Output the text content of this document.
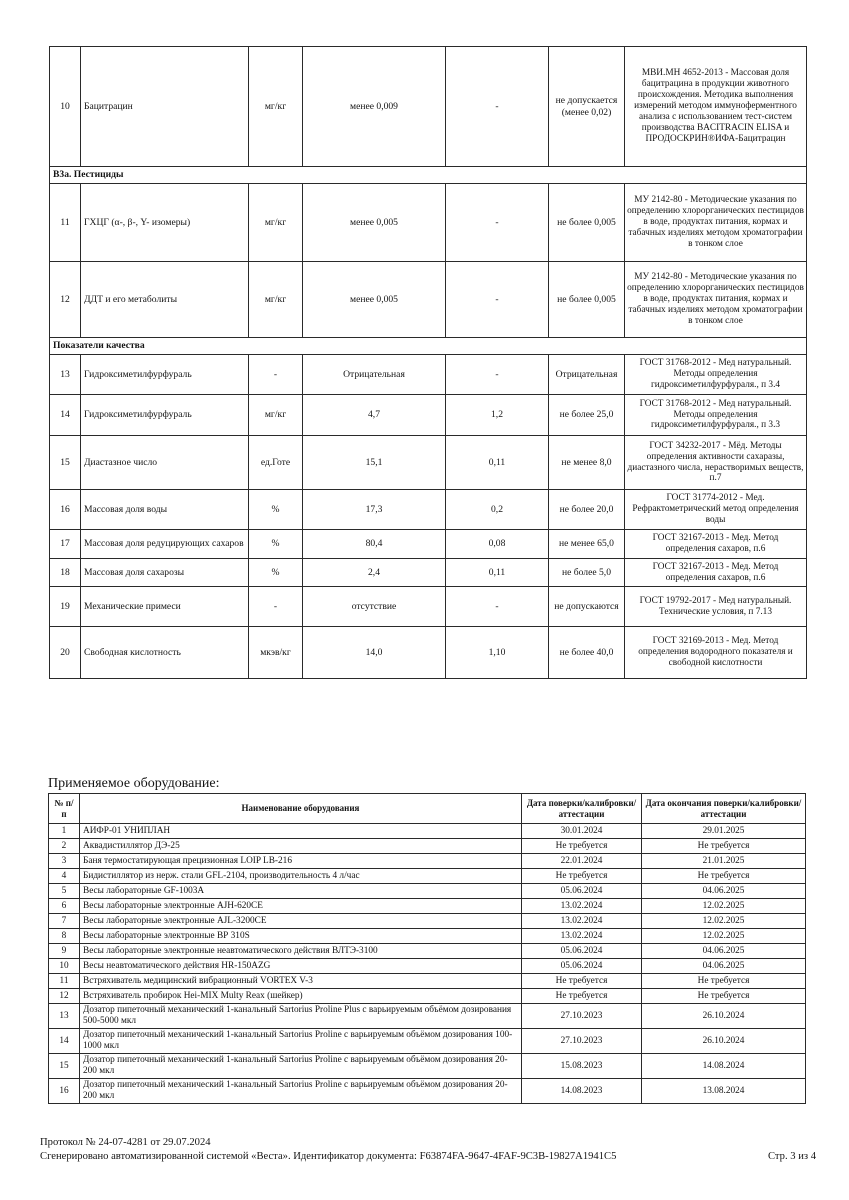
10	Бацитрацин	мг/кг	менее 0,009	-	не допускается (менее 0,02)	МВИ.МН 4652-2013 - Массовая доля бацитрацина в продукции животного происхождения. Методика выполнения измерений методом иммуноферментного анализа с использованием тест-систем производства BACITRACIN ELISA и ПРОДОСКРИН®ИФА-Бацитрацин
В3а. Пестициды						
11	ГХЦГ (α-, β-, Y- изомеры)	мг/кг	менее 0,005	-	не более 0,005	МУ 2142-80 - Методические указания по определению хлорорганических пестицидов в воде, продуктах питания, кормах и табачных изделиях методом хроматографии в тонком слое
12	ДДТ и его метаболиты	мг/кг	менее 0,005	-	не более 0,005	МУ 2142-80 - Методические указания по определению хлорорганических пестицидов в воде, продуктах питания, кормах и табачных изделиях методом хроматографии в тонком слое
Показатели качества						
13	Гидроксиметилфурфураль	-	Отрицательная	-	Отрицательная	ГОСТ 31768-2012 - Мед натуральный. Методы определения гидроксиметилфурфураля., п 3.4
14	Гидроксиметилфурфураль	мг/кг	4,7	1,2	не более 25,0	ГОСТ 31768-2012 - Мед натуральный. Методы определения гидроксиметилфурфураля., п 3.3
15	Диастазное число	ед.Готе	15,1	0,11	не менее 8,0	ГОСТ 34232-2017 - Мёд. Методы определения активности сахаразы, диастазного числа, нерастворимых веществ, п.7
16	Массовая доля воды	%	17,3	0,2	не более 20,0	ГОСТ 31774-2012 - Мед. Рефрактометрический метод определения воды
17	Массовая доля редуцирующих сахаров	%	80,4	0,08	не менее 65,0	ГОСТ 32167-2013 - Мед. Метод определения сахаров, п.6
18	Массовая доля сахарозы	%	2,4	0,11	не более 5,0	ГОСТ 32167-2013 - Мед. Метод определения сахаров, п.6
19	Механические примеси	-	отсутствие	-	не допускаются	ГОСТ 19792-2017 - Мед натуральный. Технические условия, п 7.13
20	Свободная кислотность	мкэв/кг	14,0	1,10	не более 40,0	ГОСТ 32169-2013 - Мед. Метод определения водородного показателя и свободной кислотности
Применяемое оборудование:
№ п/п	Наименование оборудования	Дата поверки/калибровки/аттестации	Дата окончания поверки/калибровки/аттестации
1	АИФР-01 УНИПЛАН	30.01.2024	29.01.2025
2	Аквадистиллятор ДЭ-25	Не требуется	Не требуется
3	Баня термостатирующая прецизионная LOIP LB-216	22.01.2024	21.01.2025
4	Бидистиллятор из нерж. стали GFL-2104, производительность 4 л/час	Не требуется	Не требуется
5	Весы лабораторные GF-1003A	05.06.2024	04.06.2025
6	Весы лабораторные электронные AJH-620CE	13.02.2024	12.02.2025
7	Весы лабораторные электронные AJL-3200CE	13.02.2024	12.02.2025
8	Весы лабораторные электронные ВР 310S	13.02.2024	12.02.2025
9	Весы лабораторные электронные неавтоматического действия ВЛТЭ-3100	05.06.2024	04.06.2025
10	Весы неавтоматического действия HR-150AZG	05.06.2024	04.06.2025
11	Встряхиватель медицинский вибрационный VORTEX V-3	Не требуется	Не требуется
12	Встряхиватель пробирок Hei-MIX Multy Reax (шейкер)	Не требуется	Не требуется
13	Дозатор пипеточный механический 1-канальный Sartorius Proline Plus с варьируемым объёмом дозирования 500-5000 мкл	27.10.2023	26.10.2024
14	Дозатор пипеточный механический 1-канальный Sartorius Proline с варьируемым объёмом дозирования 100-1000 мкл	27.10.2023	26.10.2024
15	Дозатор пипеточный механический 1-канальный Sartorius Proline с варьируемым объёмом дозирования 20-200 мкл	15.08.2023	14.08.2024
16	Дозатор пипеточный механический 1-канальный Sartorius Proline с варьируемым объёмом дозирования 20-200 мкл	14.08.2023	13.08.2024
Протокол № 24-07-4281 от 29.07.2024
Сгенерировано автоматизированной системой «Веста». Идентификатор документа: F63874FA-9647-4FAF-9C3B-19827A1941C5	Стр. 3 из 4
